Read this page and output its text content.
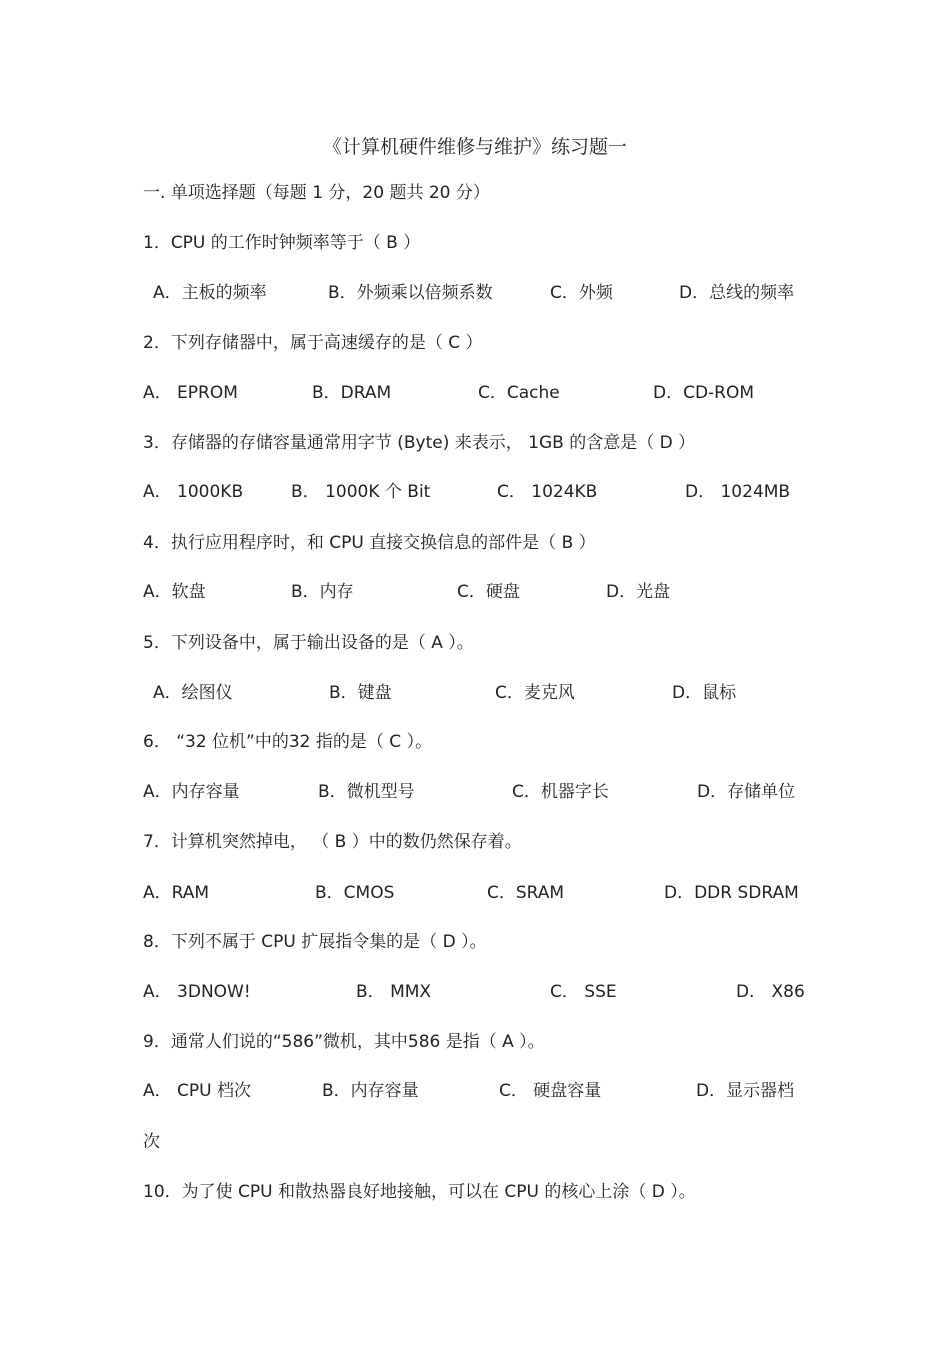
《计算机硬件维修与维护》练习题一
一. 单项选择题（每题 1 分，20 题共 20 分）
1．CPU 的工作时钟频率等于（ B ）
A．主板的频率	B．外频乘以倍频系数	C．外频	D．总线的频率
2．下列存储器中，属于高速缓存的是（ C ）
A． EPROM	B．DRAM	C．Cache	D．CD-ROM
3．存储器的存储容量通常用字节 (Byte) 来表示， 1GB 的含意是（ D ）
A． 1000KB	B． 1000K 个 Bit	C． 1024KB	D． 1024MB
4．执行应用程序时，和 CPU 直接交换信息的部件是（ B ）
A．软盘	B．内存	C．硬盘	D．光盘
5．下列设备中，属于输出设备的是（ A ）。
A．绘图仪	B．键盘	C．麦克风	D．鼠标
6． “32 位机”中的32 指的是（ C ）。
A．内存容量	B．微机型号	C．机器字长	D．存储单位
7．计算机突然掉电， （ B ）中的数仍然保存着。
A．RAM	B．CMOS	C．SRAM	D．DDR SDRAM
8．下列不属于 CPU 扩展指令集的是（ D ）。
A． 3DNOW!	B． MMX	C． SSE	D． X86
9．通常人们说的“586”微机，其中586 是指（ A ）。
A． CPU 档次	B．内存容量	C． 硬盘容量	D．显示器档
次
10．为了使 CPU 和散热器良好地接触，可以在 CPU 的核心上涂（ D ）。
